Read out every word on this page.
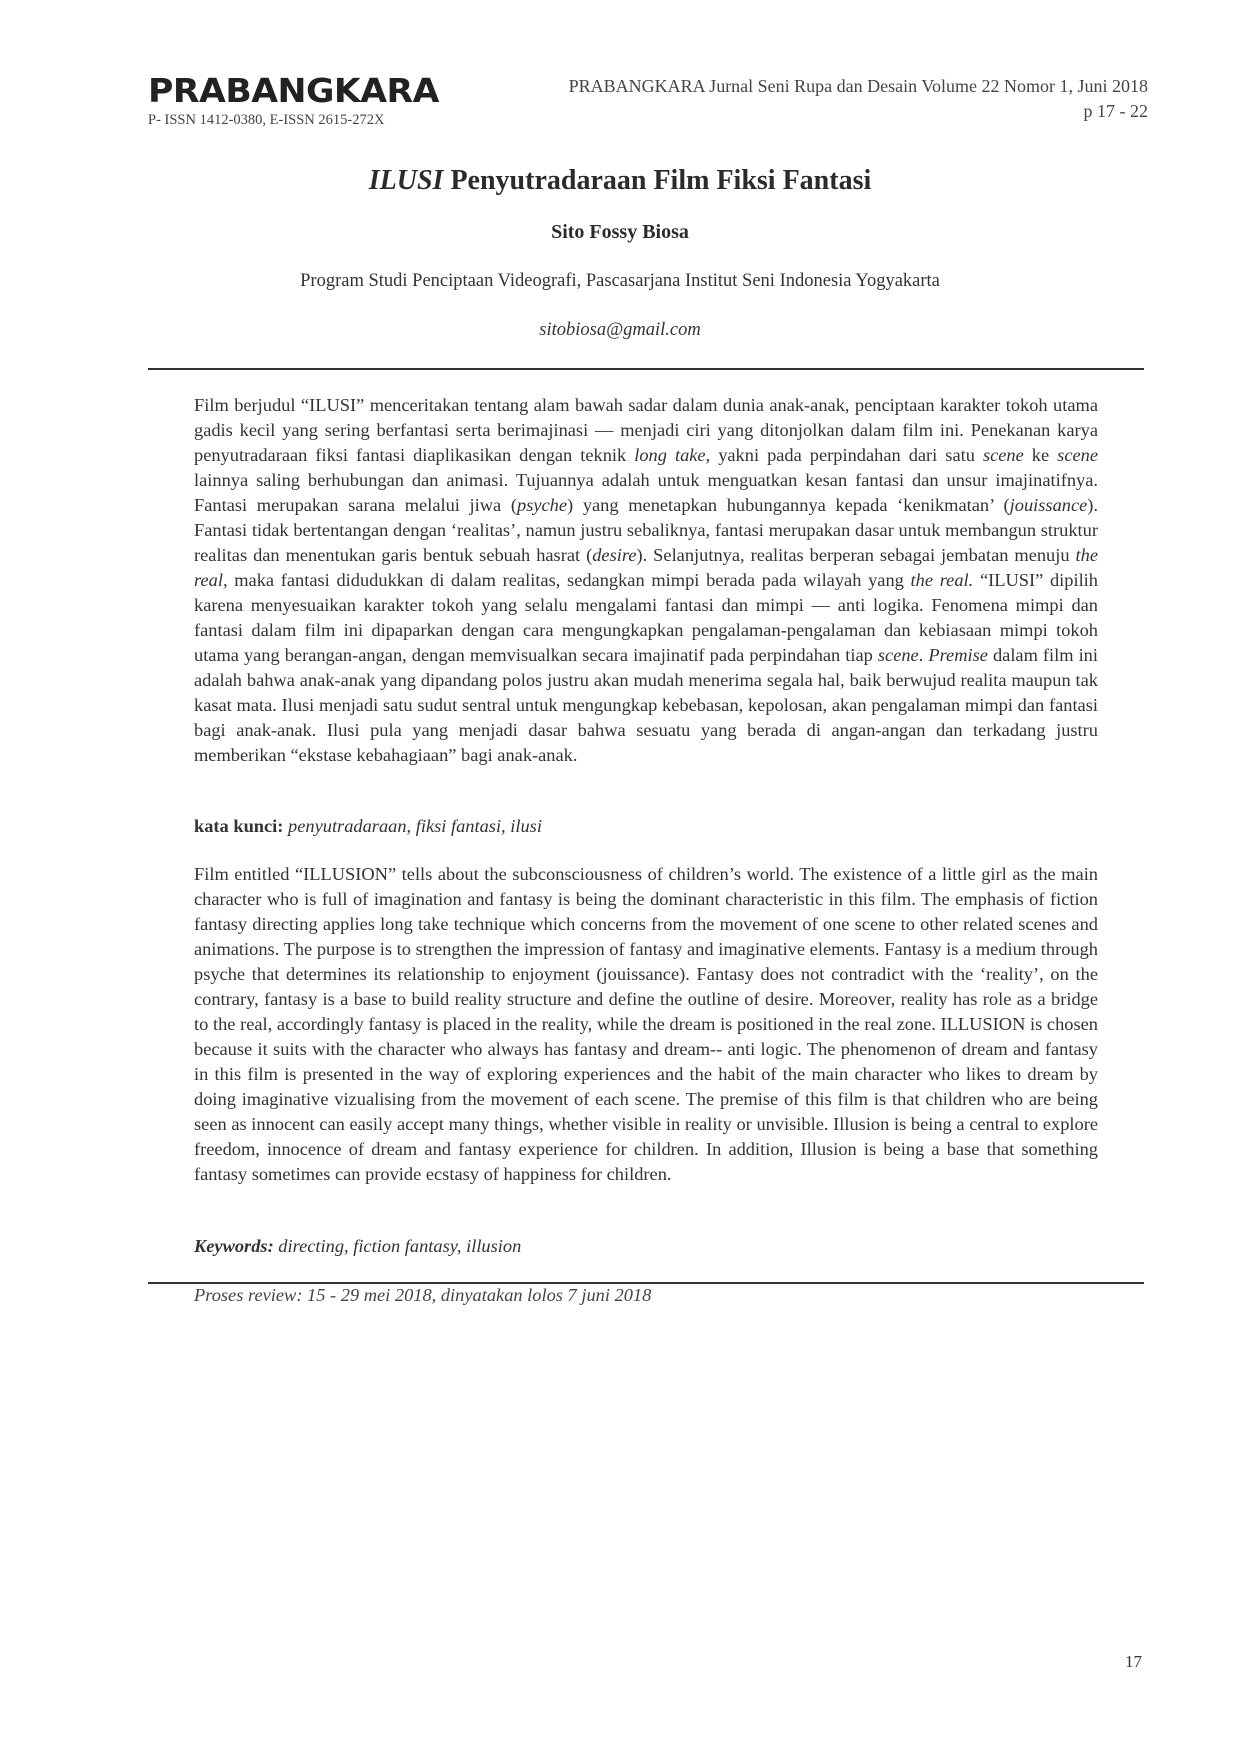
PRABANGKARA
P- ISSN 1412-0380, E-ISSN 2615-272X
PRABANGKARA Jurnal Seni Rupa dan Desain Volume 22 Nomor 1, Juni 2018
p 17 - 22
ILUSI Penyutradaraan Film Fiksi Fantasi
Sito Fossy Biosa
Program Studi Penciptaan Videografi, Pascasarjana Institut Seni Indonesia Yogyakarta
sitobiosa@gmail.com
Film berjudul “ILUSI” menceritakan tentang alam bawah sadar dalam dunia anak-anak, penciptaan karakter tokoh utama gadis kecil yang sering berfantasi serta berimajinasi — menjadi ciri yang ditonjolkan dalam film ini. Penekanan karya penyutradaraan fiksi fantasi diaplikasikan dengan teknik long take, yakni pada perpindahan dari satu scene ke scene lainnya saling berhubungan dan animasi. Tujuannya adalah untuk menguatkan kesan fantasi dan unsur imajinatifnya. Fantasi merupakan sarana melalui jiwa (psyche) yang menetapkan hubungannya kepada ‘kenikmatan’ (jouissance). Fantasi tidak bertentangan dengan ‘realitas’, namun justru sebaliknya, fantasi merupakan dasar untuk membangun struktur realitas dan menentukan garis bentuk sebuah hasrat (desire). Selanjutnya, realitas berperan sebagai jembatan menuju the real, maka fantasi didudukkan di dalam realitas, sedangkan mimpi berada pada wilayah yang the real. “ILUSI” dipilih karena menyesuaikan karakter tokoh yang selalu mengalami fantasi dan mimpi — anti logika. Fenomena mimpi dan fantasi dalam film ini dipaparkan dengan cara mengungkapkan pengalaman-pengalaman dan kebiasaan mimpi tokoh utama yang berangan-angan, dengan memvisualkan secara imajinatif pada perpindahan tiap scene. Premise dalam film ini adalah bahwa anak-anak yang dipandang polos justru akan mudah menerima segala hal, baik berwujud realita maupun tak kasat mata. Ilusi menjadi satu sudut sentral untuk mengungkap kebebasan, kepolosan, akan pengalaman mimpi dan fantasi bagi anak-anak. Ilusi pula yang menjadi dasar bahwa sesuatu yang berada di angan-angan dan terkadang justru memberikan “ekstase kebahagiaan” bagi anak-anak.
kata kunci: penyutradaraan, fiksi fantasi, ilusi
Film entitled “ILLUSION” tells about the subconsciousness of children’s world. The existence of a little girl as the main character who is full of imagination and fantasy is being the dominant characteristic in this film. The emphasis of fiction fantasy directing applies long take technique which concerns from the movement of one scene to other related scenes and animations. The purpose is to strengthen the impression of fantasy and imaginative elements. Fantasy is a medium through psyche that determines its relationship to enjoyment (jouissance). Fantasy does not contradict with the ‘reality’, on the contrary, fantasy is a base to build reality structure and define the outline of desire. Moreover, reality has role as a bridge to the real, accordingly fantasy is placed in the reality, while the dream is positioned in the real zone. ILLUSION is chosen because it suits with the character who always has fantasy and dream-- anti logic. The phenomenon of dream and fantasy in this film is presented in the way of exploring experiences and the habit of the main character who likes to dream by doing imaginative vizualising from the movement of each scene. The premise of this film is that children who are being seen as innocent can easily accept many things, whether visible in reality or unvisible. Illusion is being a central to explore freedom, innocence of dream and fantasy experience for children. In addition, Illusion is being a base that something fantasy sometimes can provide ecstasy of happiness for children.
Keywords: directing, fiction fantasy, illusion
Proses review: 15 - 29 mei 2018, dinyatakan lolos 7 juni 2018
17
